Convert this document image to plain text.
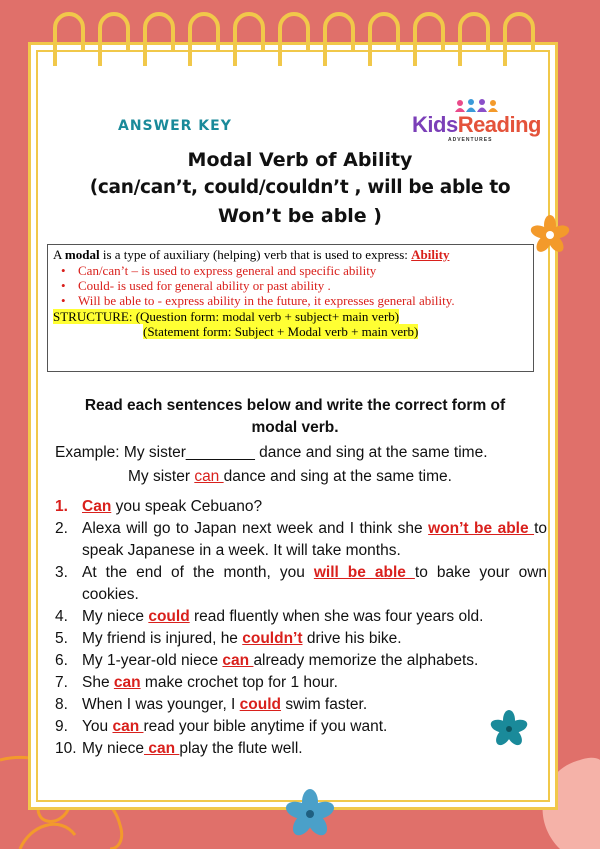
ANSWER KEY	KidsReading
ADVENTURES
Modal Verb of Ability
(can/can’t, could/couldn’t , will be able to
Won’t be able )

A modal is a type of auxiliary (helping) verb that is used to express: Ability

• Can/can’t – is used to express general and specific ability
• Could- is used for general ability or past ability .
• Will be able to - express ability in the future, it expresses general ability.
STRUCTURE: (Question form: modal verb + subject+ main verb)
(Statement form: Subject + Modal verb + main verb)
Read each sentences below and write the correct form of
modal verb.
Example: My sister________ dance and sing at the same time.
My sister can dance and sing at the same time.
1. Can you speak Cebuano?
2. Alexa will go to Japan next week and I think she won’t be able to speak Japanese in a week. It will take months.
3. At the end of the month, you will be able to bake your own cookies.
4. My niece could read fluently when she was four years old.
5. My friend is injured, he couldn’t drive his bike.
6. My 1-year-old niece can already memorize the alphabets.
7. She can make crochet top for 1 hour.
8. When I was younger, I could swim faster.
9. You can read your bible anytime if you want.
10. My niece can play the flute well.
